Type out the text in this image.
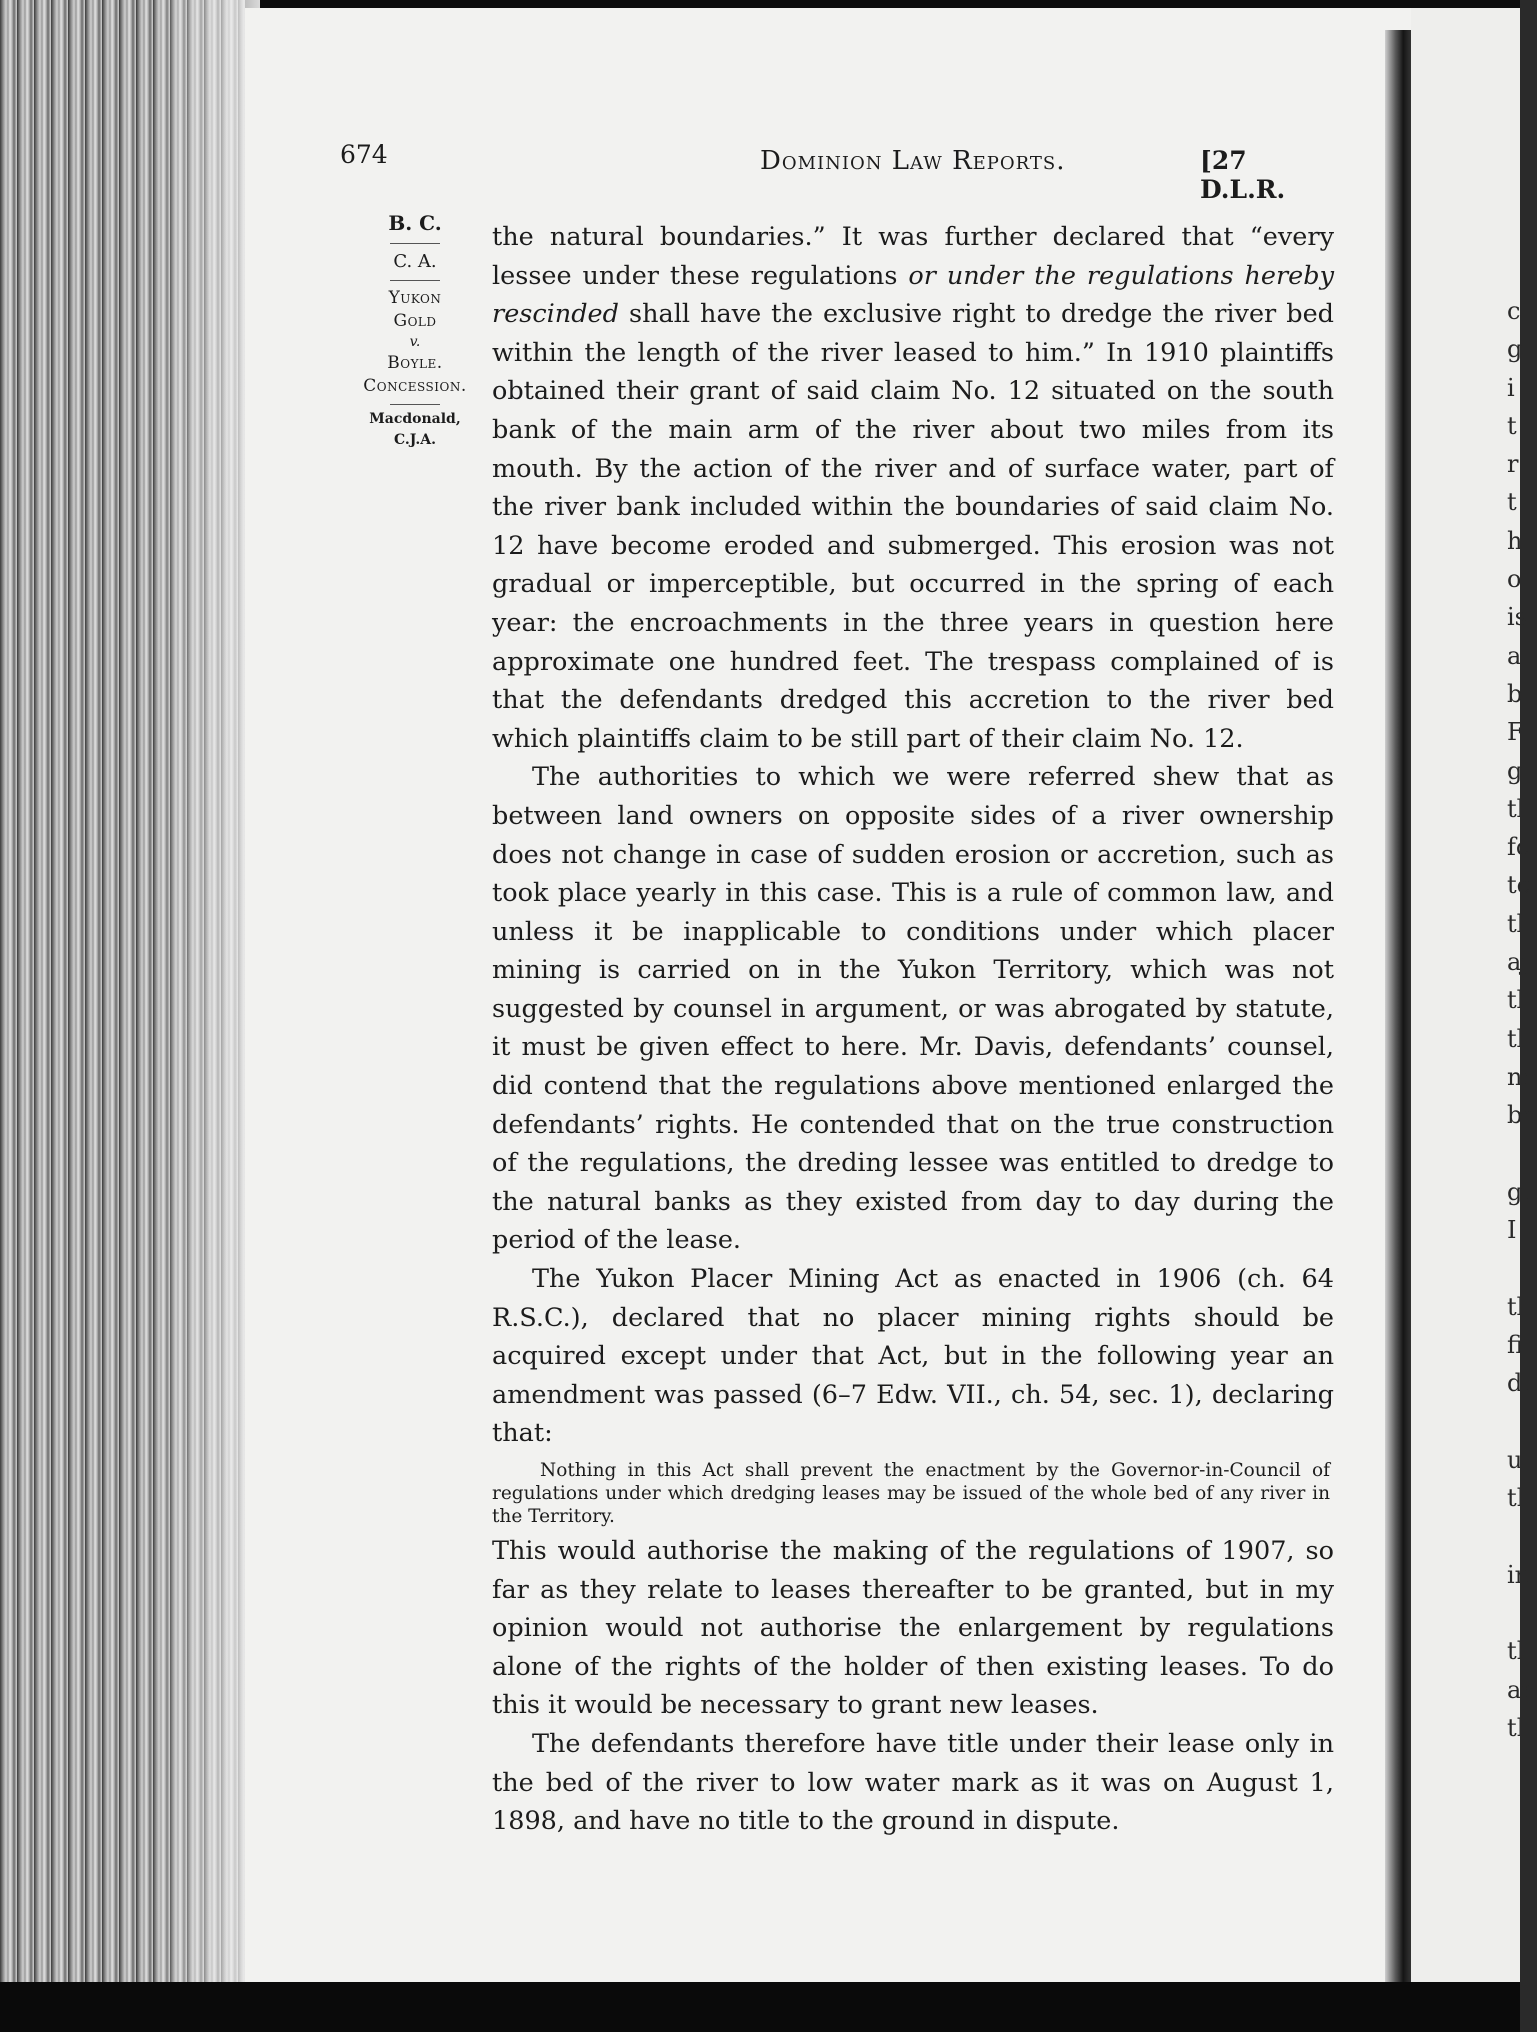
674	Dominion Law Reports.	[27 D.L.R.
B. C.
C. A.
Yukon
Gold
v.
Boyle.
Concession.
Macdonald,
C.J.A.

the natural boundaries.” It was further declared that “every lessee under these regulations or under the regulations hereby rescinded shall have the exclusive right to dredge the river bed within the length of the river leased to him.” In 1910 plaintiffs obtained their grant of said claim No. 12 situated on the south bank of the main arm of the river about two miles from its mouth. By the action of the river and of surface water, part of the river bank included within the boundaries of said claim No. 12 have become eroded and submerged. This erosion was not gradual or imperceptible, but occurred in the spring of each year: the encroachments in the three years in question here approximate one hundred feet. The trespass complained of is that the defendants dredged this accretion to the river bed which plaintiffs claim to be still part of their claim No. 12.

The authorities to which we were referred shew that as between land owners on opposite sides of a river ownership does not change in case of sudden erosion or accretion, such as took place yearly in this case. This is a rule of common law, and unless it be inapplicable to conditions under which placer mining is carried on in the Yukon Territory, which was not suggested by counsel in argument, or was abrogated by statute, it must be given effect to here. Mr. Davis, defendants’ counsel, did contend that the regulations above mentioned enlarged the defendants’ rights. He contended that on the true construction of the regulations, the dreding lessee was entitled to dredge to the natural banks as they existed from day to day during the period of the lease.

The Yukon Placer Mining Act as enacted in 1906 (ch. 64 R.S.C.), declared that no placer mining rights should be acquired except under that Act, but in the following year an amendment was passed (6–7 Edw. VII., ch. 54, sec. 1), declaring that:

Nothing in this Act shall prevent the enactment by the Governor-in-Council of regulations under which dredging leases may be issued of the whole bed of any river in the Territory.

This would authorise the making of the regulations of 1907, so far as they relate to leases thereafter to be granted, but in my opinion would not authorise the enlargement by regulations alone of the rights of the holder of then existing leases. To do this it would be necessary to grant new leases.

The defendants therefore have title under their lease only in the bed of the river to low water mark as it was on August 1, 1898, and have no title to the ground in dispute.

c
g
i
t
r
t
h
o
is
a
b
F
g
tl
fc
tc
tl
aj
tl
tl
ne
be

gi
I

tl
fi
di

u
th

in

th
ar
th
